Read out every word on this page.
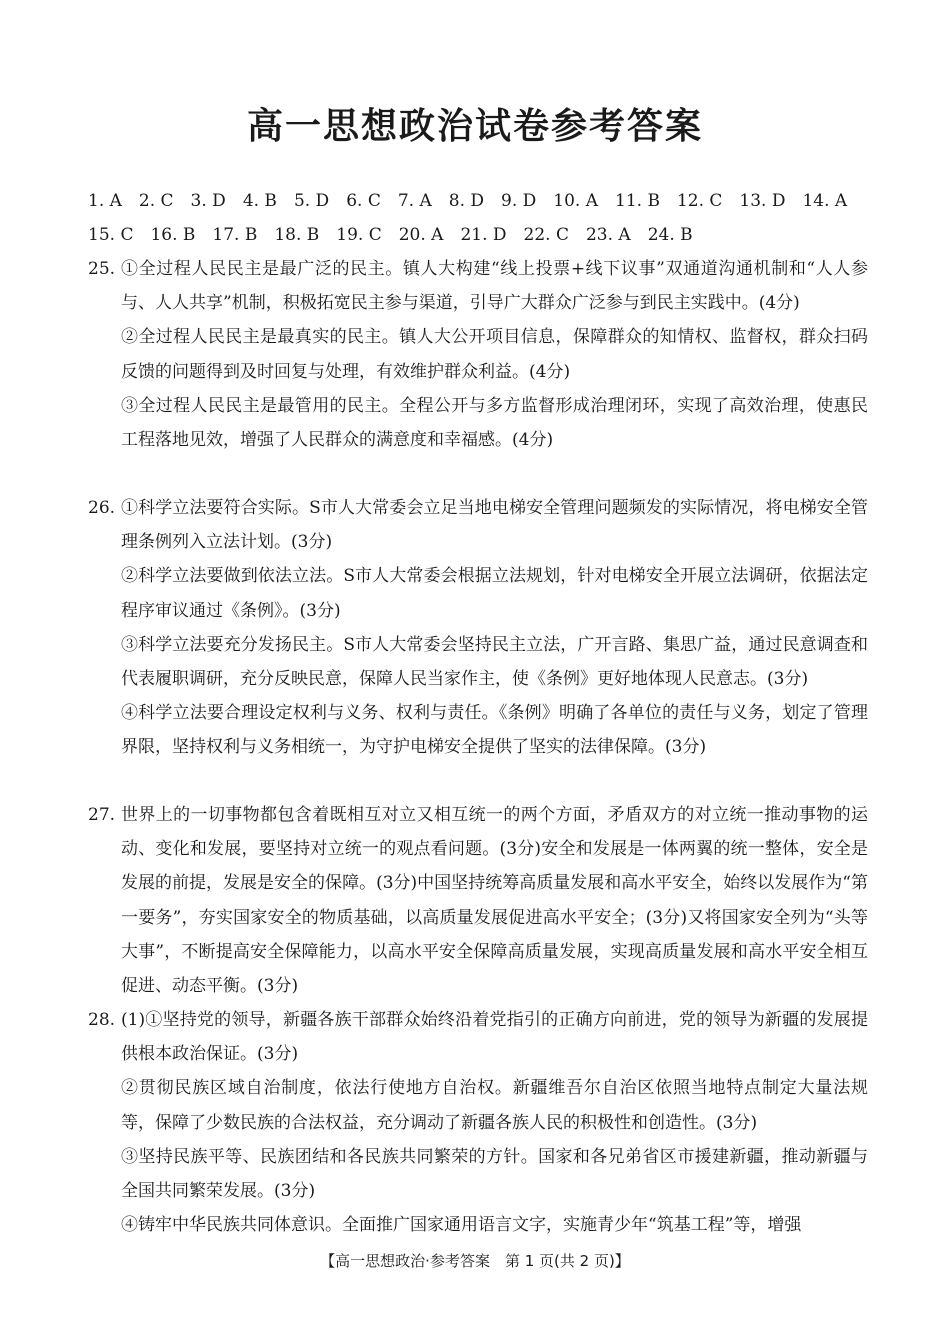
高一思想政治试卷参考答案
1. A 2. C 3. D 4. B 5. D 6. C 7. A 8. D 9. D 10. A 11. B 12. C 13. D 14. A
15. C 16. B 17. B 18. B 19. C 20. A 21. D 22. C 23. A 24. B
25. ①全过程人民民主是最广泛的民主。镇人大构建“线上投票+线下议事”双通道沟通机制和“人人参与、人人共享”机制，积极拓宽民主参与渠道，引导广大群众广泛参与到民主实践中。(4分)

②全过程人民民主是最真实的民主。镇人大公开项目信息，保障群众的知情权、监督权，群众扫码反馈的问题得到及时回复与处理，有效维护群众利益。(4分)

③全过程人民民主是最管用的民主。全程公开与多方监督形成治理闭环，实现了高效治理，使惠民工程落地见效，增强了人民群众的满意度和幸福感。(4分)

26. ①科学立法要符合实际。S市人大常委会立足当地电梯安全管理问题频发的实际情况，将电梯安全管理条例列入立法计划。(3分)

②科学立法要做到依法立法。S市人大常委会根据立法规划，针对电梯安全开展立法调研，依据法定程序审议通过《条例》。(3分)

③科学立法要充分发扬民主。S市人大常委会坚持民主立法，广开言路、集思广益，通过民意调查和代表履职调研，充分反映民意，保障人民当家作主，使《条例》更好地体现人民意志。(3分)

④科学立法要合理设定权利与义务、权利与责任。《条例》明确了各单位的责任与义务，划定了管理界限，坚持权利与义务相统一，为守护电梯安全提供了坚实的法律保障。(3分)

27. 世界上的一切事物都包含着既相互对立又相互统一的两个方面，矛盾双方的对立统一推动事物的运动、变化和发展，要坚持对立统一的观点看问题。(3分)安全和发展是一体两翼的统一整体，安全是发展的前提，发展是安全的保障。(3分)中国坚持统筹高质量发展和高水平安全，始终以发展作为“第一要务”，夯实国家安全的物质基础，以高质量发展促进高水平安全；(3分)又将国家安全列为“头等大事”，不断提高安全保障能力，以高水平安全保障高质量发展，实现高质量发展和高水平安全相互促进、动态平衡。(3分)

28. (1)①坚持党的领导，新疆各族干部群众始终沿着党指引的正确方向前进，党的领导为新疆的发展提供根本政治保证。(3分)

②贯彻民族区域自治制度，依法行使地方自治权。新疆维吾尔自治区依照当地特点制定大量法规等，保障了少数民族的合法权益，充分调动了新疆各族人民的积极性和创造性。(3分)

③坚持民族平等、民族团结和各民族共同繁荣的方针。国家和各兄弟省区市援建新疆，推动新疆与全国共同繁荣发展。(3分)

④铸牢中华民族共同体意识。全面推广国家通用语言文字，实施青少年“筑基工程”等，增强

【高一思想政治·参考答案　第 1 页(共 2 页)】
